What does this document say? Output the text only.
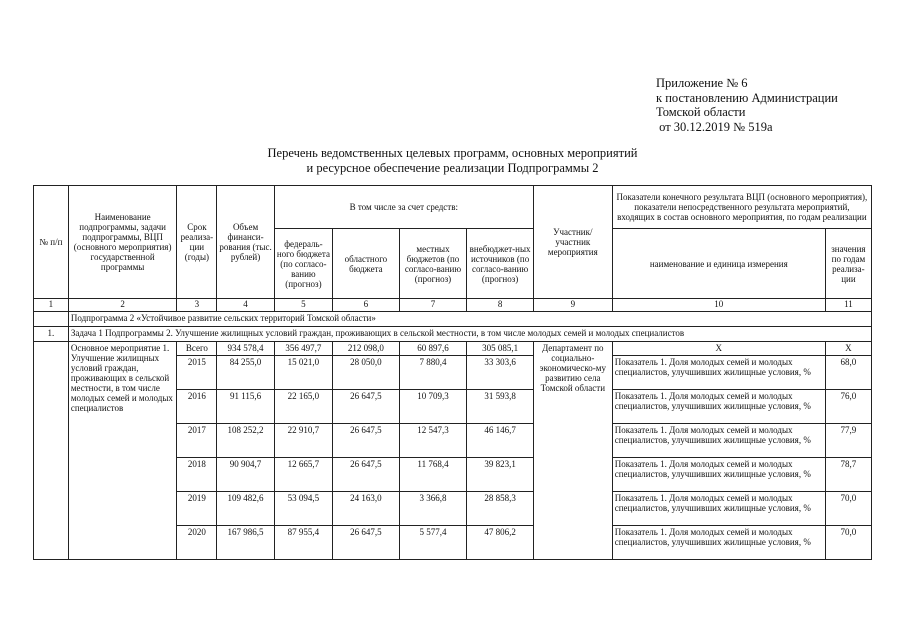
Приложение № 6
к постановлению Администрации
Томской области
от 30.12.2019 № 519а
Перечень ведомственных целевых программ, основных мероприятий
и ресурсное обеспечение реализации Подпрограммы 2
№ п/п	Наименование подпрограммы, задачи подпрограммы, ВЦП (основного мероприятия) государственной программы	Срок реализа-ции (годы)	Объем финанси-рования (тыс. рублей)	В том числе за счет средств:				Участник/ участник мероприятия	Показатели конечного результата ВЦП (основного мероприятия), показатели непосредственного результата мероприятий, входящих в состав основного мероприятия, по годам реализации	
				федераль-ного бюджета (по согласо-ванию (прогноз)	областного бюджета	местных бюджетов (по согласо-ванию (прогноз)	внебюджет-ных источников (по согласо-ванию (прогноз)		наименование и единица измерения	значения по годам реализа-ции
1	2	3	4	5	6	7	8	9	10	11
	Подпрограмма 2 «Устойчивое развитие сельских территорий Томской области»									
1.	Задача 1 Подпрограммы 2. Улучшение жилищных условий граждан, проживающих в сельской местности, в том числе молодых семей и молодых специалистов									
	Основное мероприятие 1. Улучшение жилищных условий граждан, проживающих в сельской местности, в том числе молодых семей и молодых специалистов	Всего	934 578,4	356 497,7	212 098,0	60 897,6	305 085,1	Департамент по социально-экономическо-му развитию села Томской области	Х	Х
		2015	84 255,0	15 021,0	28 050,0	7 880,4	33 303,6		Показатель 1. Доля молодых семей и молодых специалистов, улучшивших жилищные условия, %	68,0
		2016	91 115,6	22 165,0	26 647,5	10 709,3	31 593,8		Показатель 1. Доля молодых семей и молодых специалистов, улучшивших жилищные условия, %	76,0
		2017	108 252,2	22 910,7	26 647,5	12 547,3	46 146,7		Показатель 1. Доля молодых семей и молодых специалистов, улучшивших жилищные условия, %	77,9
		2018	90 904,7	12 665,7	26 647,5	11 768,4	39 823,1		Показатель 1. Доля молодых семей и молодых специалистов, улучшивших жилищные условия, %	78,7
		2019	109 482,6	53 094,5	24 163,0	3 366,8	28 858,3		Показатель 1. Доля молодых семей и молодых специалистов, улучшивших жилищные условия, %	70,0
		2020	167 986,5	87 955,4	26 647,5	5 577,4	47 806,2		Показатель 1. Доля молодых семей и молодых специалистов, улучшивших жилищные условия, %	70,0
